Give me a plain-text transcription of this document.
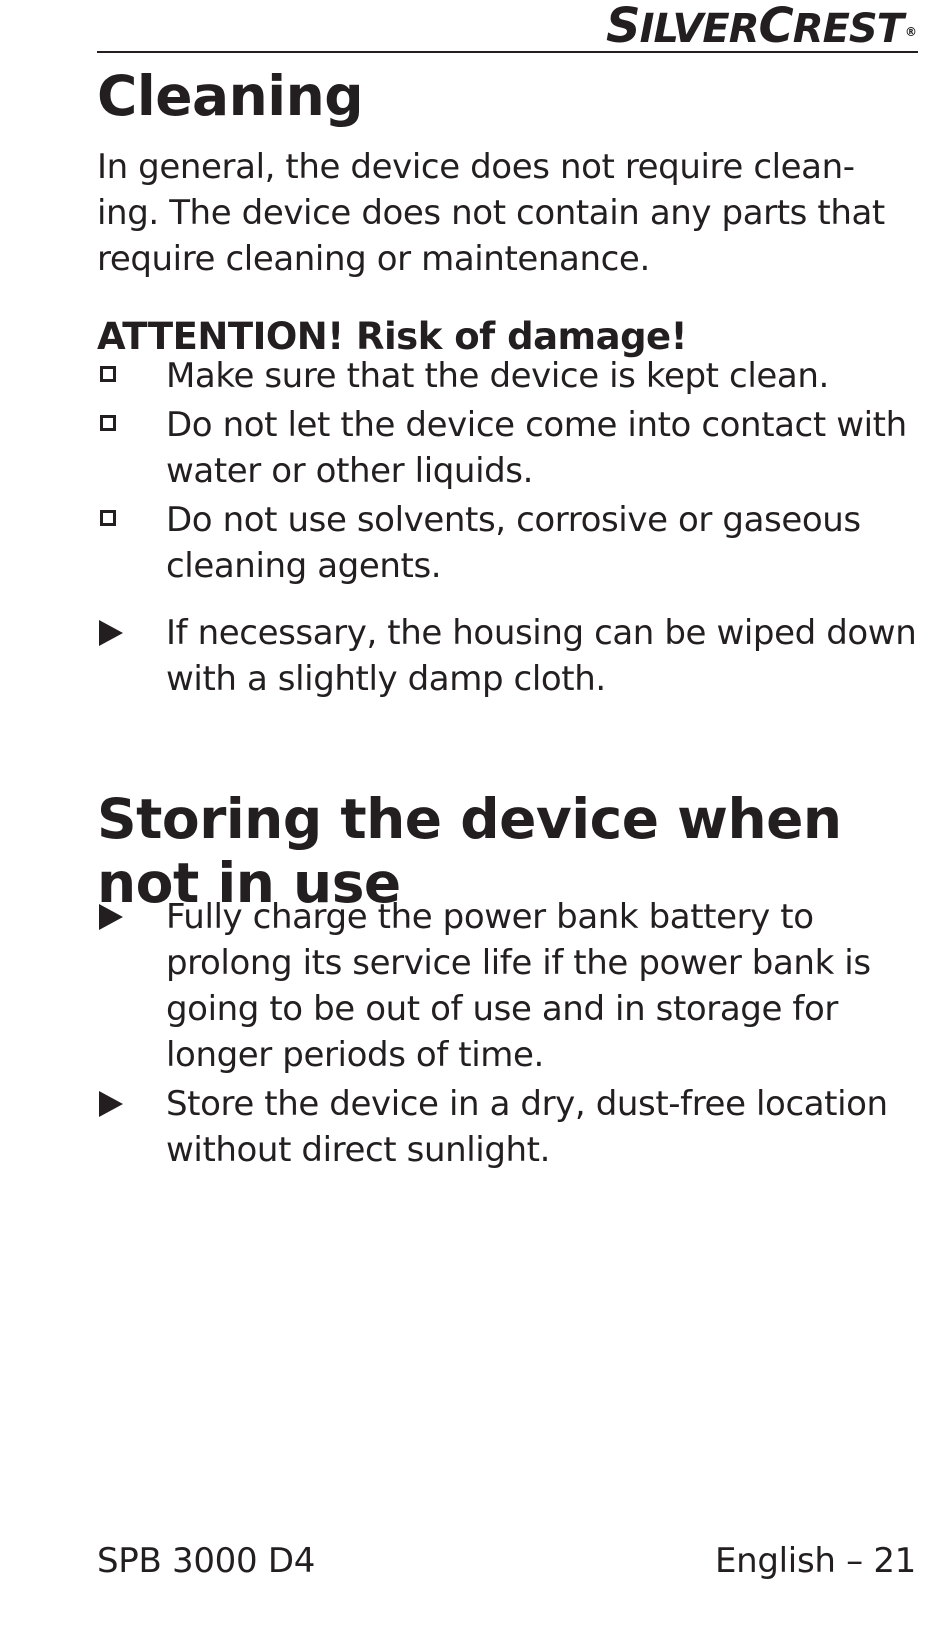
SILVERCREST ®
Cleaning

In general, the device does not require clean-ing. The device does not contain any parts that require cleaning or maintenance.

ATTENTION! Risk of damage!

Make sure that the device is kept clean.
Do not let the device come into contact with water or other liquids.
Do not use solvents, corrosive or gaseous cleaning agents.
If necessary, the housing can be wiped down with a slightly damp cloth.
Storing the device when not in use
Fully charge the power bank battery to prolong its service life if the power bank is going to be out of use and in storage for longer periods of time.
Store the device in a dry, dust-free location without direct sunlight.
SPB 3000 D4	English – 21
